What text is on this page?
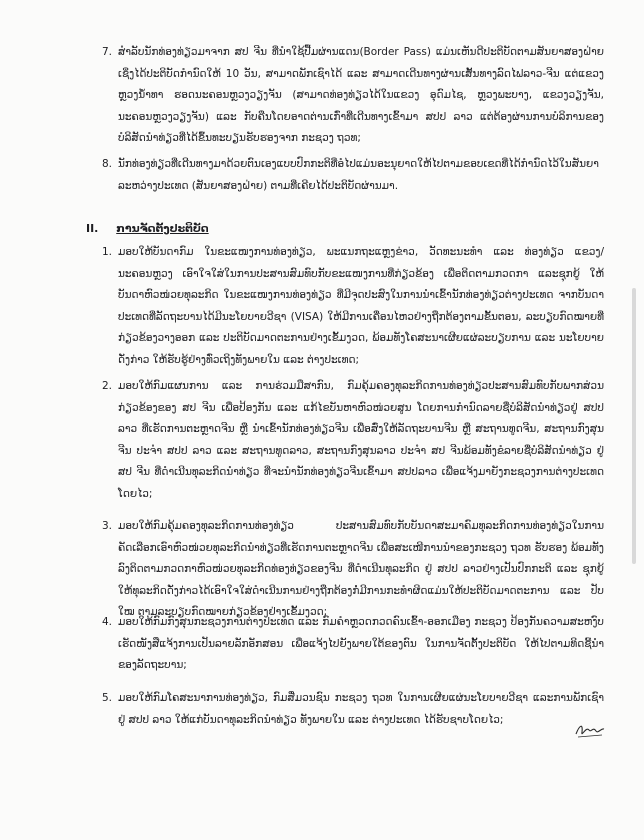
7. ສຳລັບນັກທ່ອງທ່ຽວມາຈາກ ສປ ຈີນ ທີ່ນຳໃຊ້ປື້ມຜ່ານແດນ(Border Pass) ແມ່ນເຫັນດີປະຕິບັດຕາມສັນຍາສອງຝ່າຍ ເຊິ່ງໄດ້ປະຕິບັດກຳນົດໃຫ້ 10 ວັນ, ສາມາດພັກເຊົາໄດ້ ແລະ ສາມາດເດີນທາງຜ່ານເສັ້ນທາງລົດໄຟລາວ-ຈີນ ແຕ່ແຂວງຫຼວງນ້ຳທາ ຮອດນະຄອນຫຼວງວຽງຈັນ (ສາມາດທ່ອງທ່ຽວໄດ້ໃນແຂວງ ອຸດົມໄຊ, ຫຼວງພະບາງ, ແຂວງວຽງຈັນ, ນະຄອນຫຼວງວຽງຈັນ) ແລະ ກັບຄືນໂດຍອາດຕ່ານເກົ່າທີ່ເດີນທາງເຂົ້າມາ ສປປ ລາວ ແຕ່ຕ້ອງຜ່ານການບໍລິການຂອງບໍລິສັດນຳທ່ຽວທີ່ໄດ້ຂຶ້ນທະບຽນຮັບຮອງຈາກ ກະຊວງ ຖວທ;
8. ນັກທ່ອງທ່ຽວທີ່ເດີນທາງມາດ້ວຍຕົນເອງແບບປົກກະຕິທີ່ອໍໄປແມ່ນອະນຸຍາດໃຫ້ໄປຕາມຂອບເຂດທີ່ໄດ້ກຳນົດໄວ້ໃນສັນຍາລະຫວ່າງປະເທດ (ສັນຍາສອງຝ່າຍ) ຕາມທີ່ເຄີຍໄດ້ປະຕິບັດຜ່ານມາ.
II. ການຈັດຕັ້ງປະຕິບັດ
1. ມອບໃຫ້ບັນດາກົມ ໃນຂະແໜງການທ່ອງທ່ຽວ, ພະແນກຖະແຫຼງຂ່າວ, ວັດທະນະທຳ ແລະ ທ່ອງທ່ຽວ ແຂວງ/ນະຄອນຫຼວງ ເອົາໃຈໃສ່ໃນການປະສານສົມທົບກັບຂະແໜງການທີ່ກ່ຽວຂ້ອງ ເພື່ອຕິດຕາມກວດກາ ແລະຊຸກຍູ້ ໃຫ້ບັນດາຫົວໜ່ວຍທຸລະກິດ ໃນຂະແໜງການທ່ອງທ່ຽວ ທີ່ມີຈຸດປະສົງໃນການນຳເຂົ້ານັກທ່ອງທ່ຽວຕ່າງປະເທດ ຈາກບັນດາປະເທດທີ່ລັດຖະບານໄດ້ມີນະໂຍບາຍວີຊາ (VISA) ໃຫ້ມີການເຄື່ອນໄຫວຢ່າງຖືກຕ້ອງຕາມຂັ້ນຕອນ, ລະບຽບກົດໝາຍທີ່ກ່ຽວຂ້ອງວາງອອກ ແລະ ປະຕິບັດມາດຕະການຢ່າງເຂັ້ມງວດ, ພ້ອມທັງໂຄສະນາເຜີຍແຜ່ລະບຽບການ ແລະ ນະໂຍບາຍດັ່ງກ່າວ ໃຫ້ຮັບຮູ້ຢ່າງທົ່ວເຖິງທັງພາຍໃນ ແລະ ຕ່າງປະເທດ;
2. ມອບໃຫ້ກົມແຜນການ ແລະ ການຮ່ວມມືສາກົນ, ກົມຄຸ້ມຄອງທຸລະກິດການທ່ອງທ່ຽວປະສານສົມທົບກັບພາກສ່ວນກ່ຽວຂ້ອງຂອງ ສປ ຈີນ ເພື່ອປ້ອງກັນ ແລະ ແກ້ໄຂບັນຫາຫົວໜ່ວຍສູນ ໂດຍການກຳນົດລາຍຊື່ບໍລິສັດນຳທ່ຽວຢູ່ ສປປ ລາວ ທີ່ເຮັດການຕະຫຼາດຈີນ ຫຼື ນຳເຂົ້ານັກທ່ອງທ່ຽວຈີນ ເພື່ອສົ່ງໃຫ້ລັດຖະບານຈີນ ຫຼື ສະຖານທູດຈີນ, ສະຖານກົງສຸນຈີນ ປະຈຳ ສປປ ລາວ ແລະ ສະຖານທູດລາວ, ສະຖານກົງສຸນລາວ ປະຈຳ ສປ ຈີນພ້ອມທັງຂໍລາຍຊື່ບໍລິສັດນຳທ່ຽວ ຢູ່ ສປ ຈີນ ທີ່ດຳເນີນທຸລະກິດນຳທ່ຽວ ທີ່ຈະນຳນັກທ່ອງທ່ຽວຈີນເຂົ້າມາ ສປປລາວ ເພື່ອແຈ້ງມາຍັງກະຊວງການຕ່າງປະເທດໂດຍໄວ;
3. ມອບໃຫ້ກົມຄຸ້ມຄອງທຸລະກິດການທ່ອງທ່ຽວ ປະສານສົມທົບກັບບັນດາສະມາຄົມທຸລະກິດການທ່ອງທ່ຽວໃນການຄັດເລືອກເອົາຫົວໜ່ວຍທຸລະກິດນຳທ່ຽວທີ່ເຮັດການຕະຫຼາດຈີນ ເພື່ອສະເໜີການນຳຂອງກະຊວງ ຖວທ ຮັບຮອງ ພ້ອມທັງລົງຕິດຕາມກວດກາຫົວໜ່ວຍທຸລະກິດທ່ອງທ່ຽວຂອງຈີນ ທີ່ດຳເນີນທຸລະກິດ ຢູ່ ສປປ ລາວຢ່າງເປັນປົກກະຕິ ແລະ ຊຸກຍູ້ໃຫ້ທຸລະກິດດັ່ງກ່າວໄດ້ເອົາໃຈໃສ່ດຳເນີນການຢ່າງຖືກຕ້ອງກໍ່ມີການກະທຳຜິດແມ່ນໃຫ້ປະຕິບັດມາດຕະການ ແລະ ປັບໃໝ ຕາມລະບຽບກົດໝາຍກ່ຽວຂ້ອງຢ່າງເຂັ້ມງວດ;
4. ມອບໃຫ້ກົມກົງສຸນກະຊວງການຕ່າງປະເທດ ແລະ ກົມຄຳຫຼວດກວດຄົນເຂົ້າ-ອອກເມືອງ ກະຊວງ ປ້ອງກັນຄວາມສະຫງົບ ເຮັດໜັງສືແຈ້ງການເປັນລາຍລັກອັກສອນ ເພື່ອແຈ້ງໄປຍັງພາຍໃຕ້ຂອງຕົນ ໃນການຈັດຕັ້ງປະຕິບັດ ໃຫ້ໄປຕາມທິດຊີ້ນຳຂອງລັດຖະບານ;
5. ມອບໃຫ້ກົມໂຄສະນາການທ່ອງທ່ຽວ, ກົມສື່ມວນຊົນ ກະຊວງ ຖວທ ໃນການເຜີຍແຜ່ນະໂຍບາຍວີຊາ ແລະການພັກເຊົາ ຢູ່ ສປປ ລາວ ໃຫ້ແກ່ບັນດາທຸລະກິດນຳທ່ຽວ ທັງພາຍໃນ ແລະ ຕ່າງປະເທດ ໄດ້ຮັບຊາບໂດຍໄວ;
